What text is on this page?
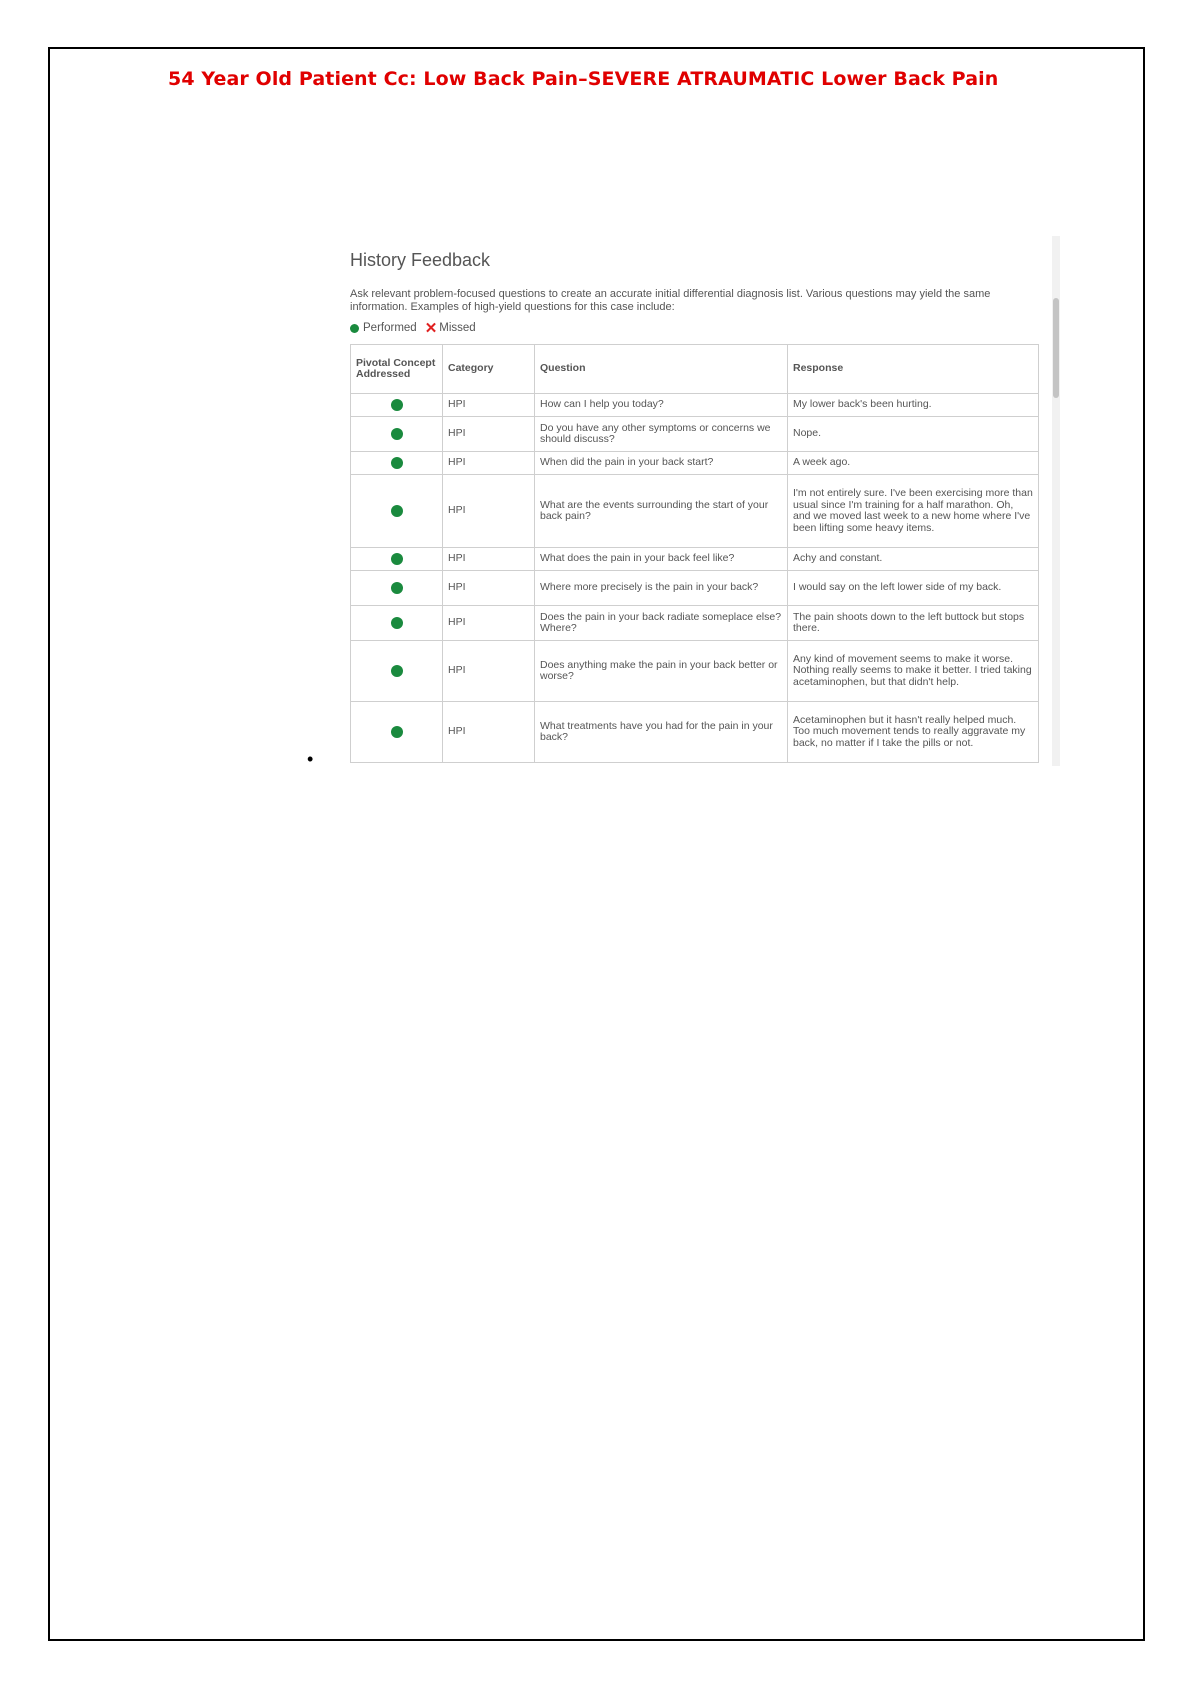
54 Year Old Patient Cc: Low Back Pain–SEVERE ATRAUMATIC Lower Back Pain
•
History Feedback

Ask relevant problem-focused questions to create an accurate initial differential diagnosis list. Various questions may yield the same information. Examples of high-yield questions for this case include:

Performed ✕ Missed
Pivotal Concept Addressed	Category	Question	Response
	HPI	How can I help you today?	My lower back's been hurting.
	HPI	Do you have any other symptoms or concerns we should discuss?	Nope.
	HPI	When did the pain in your back start?	A week ago.
	HPI	What are the events surrounding the start of your back pain?	I'm not entirely sure. I've been exercising more than usual since I'm training for a half marathon. Oh, and we moved last week to a new home where I've been lifting some heavy items.
	HPI	What does the pain in your back feel like?	Achy and constant.
	HPI	Where more precisely is the pain in your back?	I would say on the left lower side of my back.
	HPI	Does the pain in your back radiate someplace else? Where?	The pain shoots down to the left buttock but stops there.
	HPI	Does anything make the pain in your back better or worse?	Any kind of movement seems to make it worse. Nothing really seems to make it better. I tried taking acetaminophen, but that didn't help.
	HPI	What treatments have you had for the pain in your back?	Acetaminophen but it hasn't really helped much. Too much movement tends to really aggravate my back, no matter if I take the pills or not.
